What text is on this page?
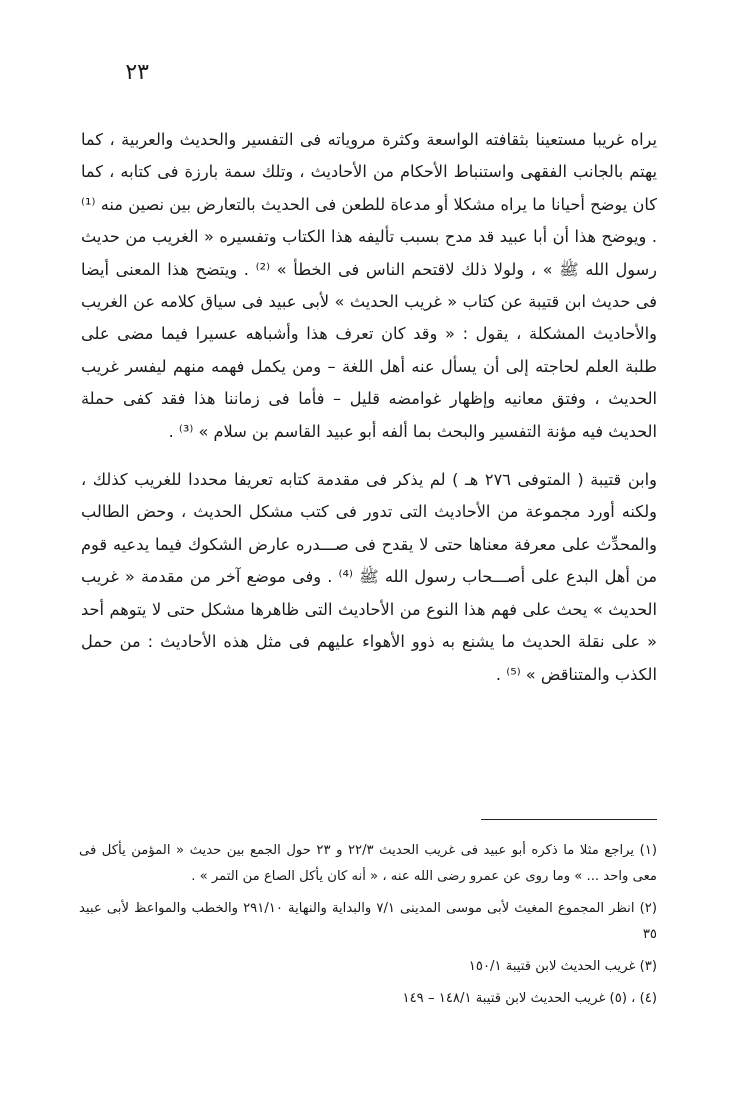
٢٣

يراه غريبا مستعينا بثقافته الواسعة وكثرة مروياته فى التفسير والحديث والعربية ، كما يهتم بالجانب الفقهى واستنباط الأحكام من الأحاديث ، وتلك سمة بارزة فى كتابه ، كما كان يوضح أحيانا ما يراه مشكلا أو مدعاة للطعن فى الحديث بالتعارض بين نصين منه ⁽¹⁾ . ويوضح هذا أن أبا عبيد قد مدح بسبب تأليفه هذا الكتاب وتفسيره « الغريب من حديث رسول الله ﷺ » ، ولولا ذلك لاقتحم الناس فى الخطأ » ⁽²⁾ . ويتضح هذا المعنى أيضا فى حديث ابن قتيبة عن كتاب « غريب الحديث » لأبى عبيد فى سياق كلامه عن الغريب والأحاديث المشكلة ، يقول : « وقد كان تعرف هذا وأشباهه عسيرا فيما مضى على طلبة العلم لحاجته إلى أن يسأل عنه أهل اللغة – ومن يكمل فهمه منهم ليفسر غريب الحديث ، وفتق معانيه وإظهار غوامضه قليل – فأما فى زماننا هذا فقد كفى حملة الحديث فيه مؤنة التفسير والبحث بما ألفه أبو عبيد القاسم بن سلام » ⁽³⁾ .

وابن قتيبة ( المتوفى ٢٧٦ هـ ) لم يذكر فى مقدمة كتابه تعريفا محددا للغريب كذلك ، ولكنه أورد مجموعة من الأحاديث التى تدور فى كتب مشكل الحديث ، وحض الطالب والمحدِّث على معرفة معناها حتى لا يقدح فى صـــدره عارض الشكوك فيما يدعيه قوم من أهل البدع على أصـــحاب رسول الله ﷺ ⁽⁴⁾ . وفى موضع آخر من مقدمة « غريب الحديث » يحث على فهم هذا النوع من الأحاديث التى ظاهرها مشكل حتى لا يتوهم أحد « على نقلة الحديث ما يشنع به ذوو الأهواء عليهم فى مثل هذه الأحاديث : من حمل الكذب والمتناقض » ⁽⁵⁾ .

(١) يراجع مثلا ما ذكره أبو عبيد فى غريب الحديث ٢٢/٣ و ٢٣ حول الجمع بين حديث « المؤمن يأكل فى معى واحد ... » وما روى عن عمرو رضى الله عنه ، « أنه كان يأكل الصاع من التمر » .

(٢) انظر المجموع المغيث لأبى موسى المدينى ٧/١ والبداية والنهاية ٢٩١/١٠ والخطب والمواعظ لأبى عبيد ٣٥

(٣) غريب الحديث لابن قتيبة ١٥٠/١

(٤) ، (٥) غريب الحديث لابن قتيبة ١٤٨/١ – ١٤٩
